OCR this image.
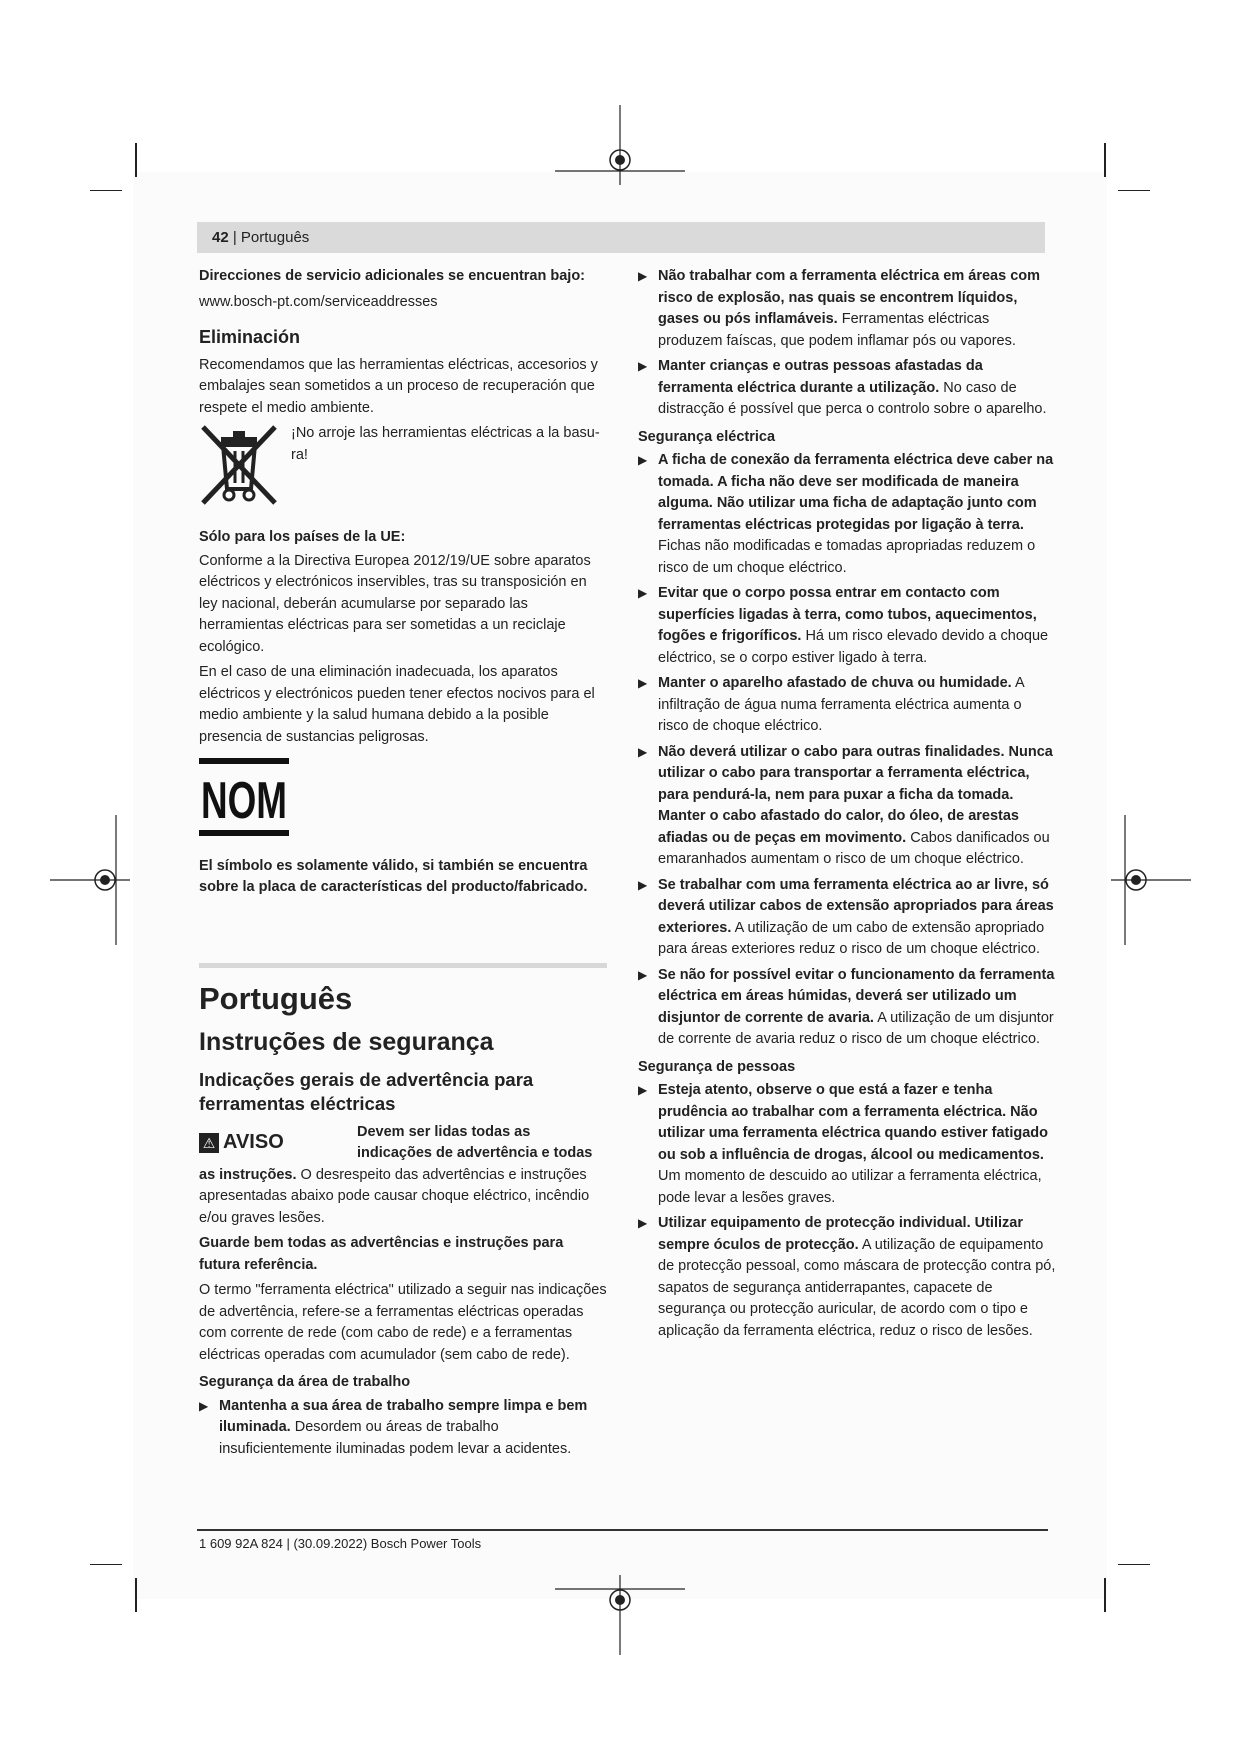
42 | Português

Direcciones de servicio adicionales se encuentran bajo:

www.bosch-pt.com/serviceaddresses

Eliminación

Recomendamos que las herramientas eléctricas, accesorios y embalajes sean sometidos a un proceso de recuperación que respete el medio ambiente.

¡No arroje las herramientas eléctricas a la basu-ra!

Sólo para los países de la UE:

Conforme a la Directiva Europea 2012/19/UE sobre aparatos eléctricos y electrónicos inservibles, tras su transposición en ley nacional, deberán acumularse por separado las herramientas eléctricas para ser sometidas a un reciclaje ecológico.

En el caso de una eliminación inadecuada, los aparatos eléctricos y electrónicos pueden tener efectos nocivos para el medio ambiente y la salud humana debido a la posible presencia de sustancias peligrosas.

NOM

El símbolo es solamente válido, si también se encuentra sobre la placa de características del producto/fabricado.

Português
Instruções de segurança
Indicações gerais de advertência para ferramentas eléctricas
⚠ AVISO	Devem ser lidas todas as indicações de advertência e todas

as instruções. O desrespeito das advertências e instruções apresentadas abaixo pode causar choque eléctrico, incêndio e/ou graves lesões.

Guarde bem todas as advertências e instruções para futura referência.

O termo "ferramenta eléctrica" utilizado a seguir nas indicações de advertência, refere-se a ferramentas eléctricas operadas com corrente de rede (com cabo de rede) e a ferramentas eléctricas operadas com acumulador (sem cabo de rede).

Segurança da área de trabalho

▶ Mantenha a sua área de trabalho sempre limpa e bem iluminada. Desordem ou áreas de trabalho insuficientemente iluminadas podem levar a acidentes.
▶ Não trabalhar com a ferramenta eléctrica em áreas com risco de explosão, nas quais se encontrem líquidos, gases ou pós inflamáveis. Ferramentas eléctricas produzem faíscas, que podem inflamar pós ou vapores.
▶ Manter crianças e outras pessoas afastadas da ferramenta eléctrica durante a utilização. No caso de distracção é possível que perca o controlo sobre o aparelho.

Segurança eléctrica

▶ A ficha de conexão da ferramenta eléctrica deve caber na tomada. A ficha não deve ser modificada de maneira alguma. Não utilizar uma ficha de adaptação junto com ferramentas eléctricas protegidas por ligação à terra. Fichas não modificadas e tomadas apropriadas reduzem o risco de um choque eléctrico.
▶ Evitar que o corpo possa entrar em contacto com superfícies ligadas à terra, como tubos, aquecimentos, fogões e frigoríficos. Há um risco elevado devido a choque eléctrico, se o corpo estiver ligado à terra.
▶ Manter o aparelho afastado de chuva ou humidade. A infiltração de água numa ferramenta eléctrica aumenta o risco de choque eléctrico.
▶ Não deverá utilizar o cabo para outras finalidades. Nunca utilizar o cabo para transportar a ferramenta eléctrica, para pendurá-la, nem para puxar a ficha da tomada. Manter o cabo afastado do calor, do óleo, de arestas afiadas ou de peças em movimento. Cabos danificados ou emaranhados aumentam o risco de um choque eléctrico.
▶ Se trabalhar com uma ferramenta eléctrica ao ar livre, só deverá utilizar cabos de extensão apropriados para áreas exteriores. A utilização de um cabo de extensão apropriado para áreas exteriores reduz o risco de um choque eléctrico.
▶ Se não for possível evitar o funcionamento da ferramenta eléctrica em áreas húmidas, deverá ser utilizado um disjuntor de corrente de avaria. A utilização de um disjuntor de corrente de avaria reduz o risco de um choque eléctrico.

Segurança de pessoas

▶ Esteja atento, observe o que está a fazer e tenha prudência ao trabalhar com a ferramenta eléctrica. Não utilizar uma ferramenta eléctrica quando estiver fatigado ou sob a influência de drogas, álcool ou medicamentos. Um momento de descuido ao utilizar a ferramenta eléctrica, pode levar a lesões graves.
▶ Utilizar equipamento de protecção individual. Utilizar sempre óculos de protecção. A utilização de equipamento de protecção pessoal, como máscara de protecção contra pó, sapatos de segurança antiderrapantes, capacete de segurança ou protecção auricular, de acordo com o tipo e aplicação da ferramenta eléctrica, reduz o risco de lesões.
1 609 92A 824 | (30.09.2022) Bosch Power Tools
